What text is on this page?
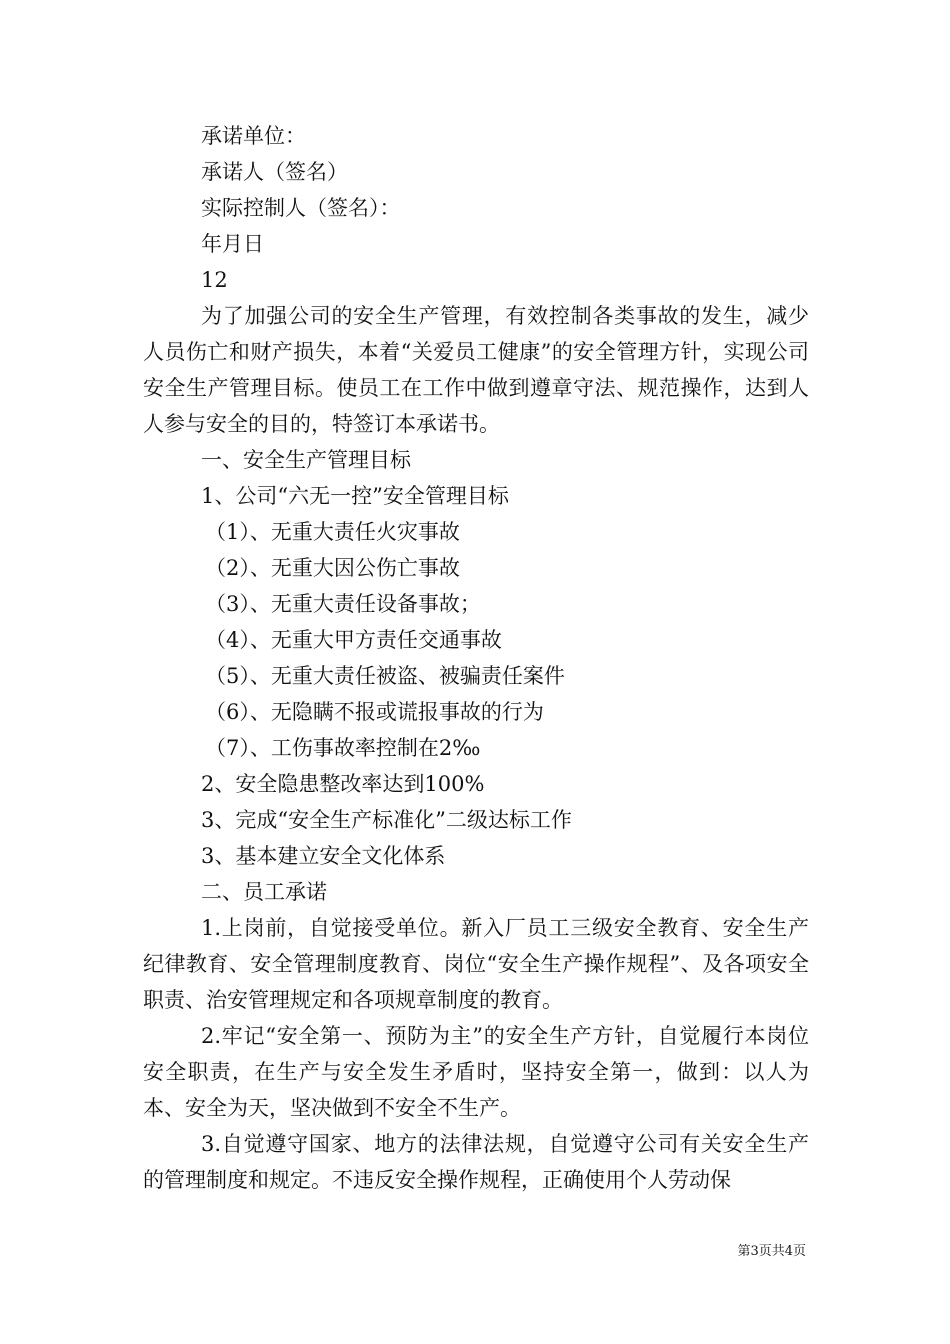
承诺单位：

承诺人（签名）

实际控制人（签名）：

年月日

12

为了加强公司的安全生产管理，有效控制各类事故的发生，减少人员伤亡和财产损失，本着“关爱员工健康”的安全管理方针，实现公司安全生产管理目标。使员工在工作中做到遵章守法、规范操作，达到人人参与安全的目的，特签订本承诺书。

一、安全生产管理目标

1、公司“六无一控”安全管理目标

（1）、无重大责任火灾事故

（2）、无重大因公伤亡事故

（3）、无重大责任设备事故；

（4）、无重大甲方责任交通事故

（5）、无重大责任被盗、被骗责任案件

（6）、无隐瞒不报或谎报事故的行为

（7）、工伤事故率控制在2‰

2、安全隐患整改率达到100%

3、完成“安全生产标准化”二级达标工作

3、基本建立安全文化体系

二、员工承诺

1.上岗前，自觉接受单位。新入厂员工三级安全教育、安全生产纪律教育、安全管理制度教育、岗位“安全生产操作规程”、及各项安全职责、治安管理规定和各项规章制度的教育。

2.牢记“安全第一、预防为主”的安全生产方针，自觉履行本岗位安全职责，在生产与安全发生矛盾时，坚持安全第一，做到：以人为本、安全为天，坚决做到不安全不生产。

3.自觉遵守国家、地方的法律法规，自觉遵守公司有关安全生产的管理制度和规定。不违反安全操作规程，正确使用个人劳动保

第3页共4页
